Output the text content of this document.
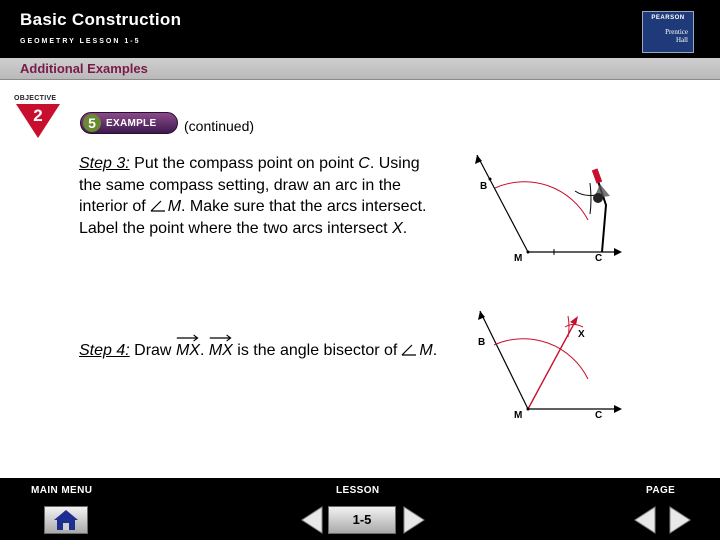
Basic Construction
GEOMETRY LESSON 1-5
PEARSON
Prentice
Hall
Additional Examples
OBJECTIVE
2	5	EXAMPLE (continued)
Step 3: Put the compass point on point C. Using the same compass setting, draw an arc in the interior of M. Make sure that the arcs intersect. Label the point where the two arcs intersect X.
Step 4: Draw
MX.
MX is the angle bisector of M.
B
M	C
B
M	C
X
MAIN MENU	LESSON	PAGE
1-5
